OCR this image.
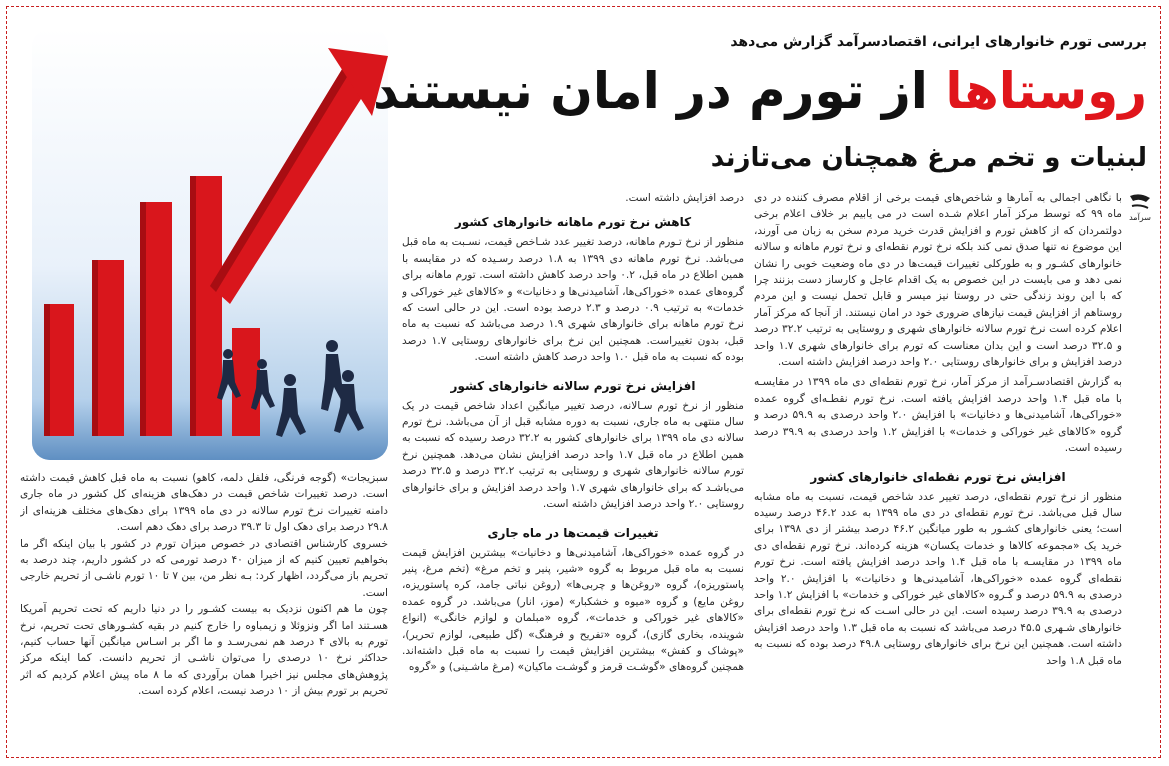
بررسی تورم خانوارهای ایرانی، اقتصادسرآمد گزارش می‌دهد
روستاها از تورم در امان نیستند
لبنیات و تخم مرغ همچنان می‌تازند
سرآمد

با نگاهی اجمالی به آمارها و شاخص‌های قیمت برخی از اقلام مصرف کننده در دی ماه ۹۹ که توسط مرکز آمار اعلام شـده است در می یابیم بر خلاف اعلام برخی دولتمردان که از کاهش تورم و افزایش قدرت خرید مردم سخن به زبان می آورند، این موضوع نه تنها صدق نمی کند بلکه نرخ تورم نقطه‌ای و نرخ تورم ماهانه و سالانه خانوارهای کشـور و به طورکلی تغییرات قیمت‌ها در دی ماه وضعیت خوبی را نشان نمی دهد و می بایست در این خصوص به یک اقدام عاجل و کارساز دست بزنند چرا که با این روند زندگی حتی در روستا نیز میسر و قابل تحمل نیست و این مردم روستاهم از افزایش قیمت نیازهای ضروری خود در امان نیستند. از آنجا که مرکز آمار اعلام کرده است نرخ تورم سالانه خانوارهای شهری و روستایی به ترتیب ۳۲.۲ درصد و ۳۲.۵ درصد است و این بدان معناست که تورم برای خانوارهای شهری ۱.۷ واحد درصد افزایش و برای خانوارهای روستایی ۲.۰ واحد درصد افزایش داشته است.

به گزارش اقتصادسـرآمد از مرکز آمار، نرخ تورم نقطه‌ای دی ماه ۱۳۹۹ در مقایسـه با ماه قبل ۱.۴ واحد درصد افزایش یافته است. نرخ تورم نقطـه‌ای گروه عمده «خوراکی‌ها، آشامیدنی‌ها و دخانیات» با افزایش ۲.۰ واحد درصدی به ۵۹.۹ درصد و گروه «کالاهای غیر خوراکی و خدمات» با افزایش ۱.۲ واحد درصدی به ۳۹.۹ درصد رسیده است.

افزایش نرخ تورم نقطه‌ای خانوارهای کشور

منظور از نرخ تورم نقطه‌ای، درصد تغییر عدد شاخص قیمت، نسبت به ماه مشابه سال قبل می‌باشد. نرخ تورم نقطه‌ای در دی ماه ۱۳۹۹ به عدد ۴۶.۲ درصد رسیده است؛ یعنی خانوارهای کشـور به طور میانگین ۴۶.۲ درصد بیشتر از دی ۱۳۹۸ برای خرید یک «مجموعه کالاها و خدمات یکسان» هزینه کرده‌اند. نرخ تورم نقطه‌ای دی ماه ۱۳۹۹ در مقایسـه با ماه قبل ۱.۴ واحد درصد افزایش یافته است. نرخ تورم نقطه‌ای گروه عمده «خوراکی‌ها، آشامیدنی‌ها و دخانیات» با افزایش ۲.۰ واحد درصدی به ۵۹.۹ درصد و گـروه «کالاهای غیر خوراکی و خدمات» با افزایش ۱.۲ واحد درصدی به ۳۹.۹ درصد رسیده است. این در حالی اسـت که نرخ تورم نقطه‌ای برای خانوارهای شـهری ۴۵.۵ درصد می‌باشد که نسبت به ماه قبل ۱.۳ واحد درصد افزایش داشته است. همچنین این نرخ برای خانوارهای روستایی ۴۹.۸ درصد بوده که نسبت به ماه قبل ۱.۸ واحد

درصد افزایش داشته است.

کاهش نرخ تورم ماهانه خانوارهای کشور

منظور از نرخ تـورم ماهانه، درصد تغییر عدد شـاخص قیمت، نسـبت به ماه قبل می‌باشد. نرخ تورم ماهانه دی ۱۳۹۹ به ۱.۸ درصد رسـیده که در مقایسه با همین اطلاع در ماه قبل، ۰.۲ واحد درصد کاهش داشته است. تورم ماهانه برای گروه‌های عمده «خوراکی‌ها، آشامیدنی‌ها و دخانیات» و «کالاهای غیر خوراکی و خدمات» به ترتیب ۰.۹ درصد و ۲.۳ درصد بوده است. این در حالی است که نرخ تورم ماهانه برای خانوارهای شهری ۱.۹ درصد می‌باشد که نسبت به ماه قبل، بدون تغییراست. همچنین این نرخ برای خانوارهای روستایی ۱.۷ درصد بوده که نسبت به ماه قبل ۱.۰ واحد درصد کاهش داشته است.

افزایش نرخ تورم سالانه خانوارهای کشور

منظور از نرخ تورم سـالانه، درصد تغییر میانگین اعداد شاخص قیمت در یک سال منتهی به ماه جاری، نسبت به دوره مشابه قبل از آن می‌باشد. نرخ تورم سالانه دی ماه ۱۳۹۹ برای خانوارهای کشور به ۳۲.۲ درصد رسیده که نسبت به همین اطلاع در ماه قبل ۱.۷ واحد درصد افزایش نشان می‌دهد. همچنین نرخ تورم سالانه خانوارهای شهری و روستایی به ترتیب ۳۲.۲ درصد و ۳۲.۵ درصد می‌باشـد که برای خانوارهای شهری ۱.۷ واحد درصد افزایش و برای خانوارهای روستایی ۲.۰ واحد درصد افزایش داشته است.

تغییرات قیمت‌ها در ماه جاری

در گروه عمده «خوراکی‌ها، آشامیدنی‌ها و دخانیات» بیشترین افزایش قیمت نسبت به ماه قبل مربوط به گروه «شیر، پنیر و تخم مرغ» (تخم مرغ، پنیر پاستوریزه)، گروه «روغن‌ها و چربی‌ها» (روغن نباتی جامد، کره پاستوریزه، روغن مایع) و گروه «میوه و خشکبار» (موز، انار) می‌باشد. در گروه عمده «کالاهای غیر خوراکی و خدمات»، گروه «مبلمان و لوازم خانگی» (انواع شوینده، بخاری گازی)، گروه «تفریح و فرهنگ» (گل طبیعی، لوازم تحریر)، «پوشاک و کفش» بیشترین افزایش قیمت را نسبت به ماه قبل داشته‌اند. همچنین گروه‌های «گوشـت قرمز و گوشـت ماکیان» (مرغ ماشـینی) و «گروه

سبزیجات» (گوجه فرنگی، فلفل دلمه، کاهو) نسبت به ماه قبل کاهش قیمت داشته است. درصد تغییرات شاخص قیمت در دهک‌های هزینه‌ای کل کشور در ماه جاری دامنه تغییرات نرخ تورم سالانه در دی ماه ۱۳۹۹ برای دهک‌های مختلف هزینه‌ای از ۲۹.۸ درصد برای دهک اول تا ۳۹.۳ درصد برای دهک دهم است.

خسروی کارشناس اقتصادی در خصوص میزان تورم در کشور با بیان اینکه اگر ما بخواهیم تعیین کنیم که از میزان ۴۰ درصد تورمی که در کشور داریم، چند درصد به تحریم باز می‌گردد، اظهار کرد: بـه نظر من، بین ۷ تا ۱۰ تورم ناشـی از تحریم خارجی است.

چون ما هم اکنون نزدیک به بیست کشـور را در دنیا داریم که تحت تحریم آمریکا هسـتند اما اگر ونزوئلا و زیمباوه را خارج کنیم در بقیه کشـورهای تحت تحریم، نرخ تورم به بالای ۴ درصد هم نمی‌رسـد و ما اگر بر اسـاس میانگین آنها حساب کنیم، حداکثر نرخ ۱۰ درصدی را می‌توان ناشـی از تحریم دانست. کما اینکه مرکز پژوهش‌های مجلس نیز اخیرا همان برآوردی که ما ۸ ماه پیش اعلام کردیم که اثر تحریم بر تورم بیش از ۱۰ درصد نیست، اعلام کرده است.
